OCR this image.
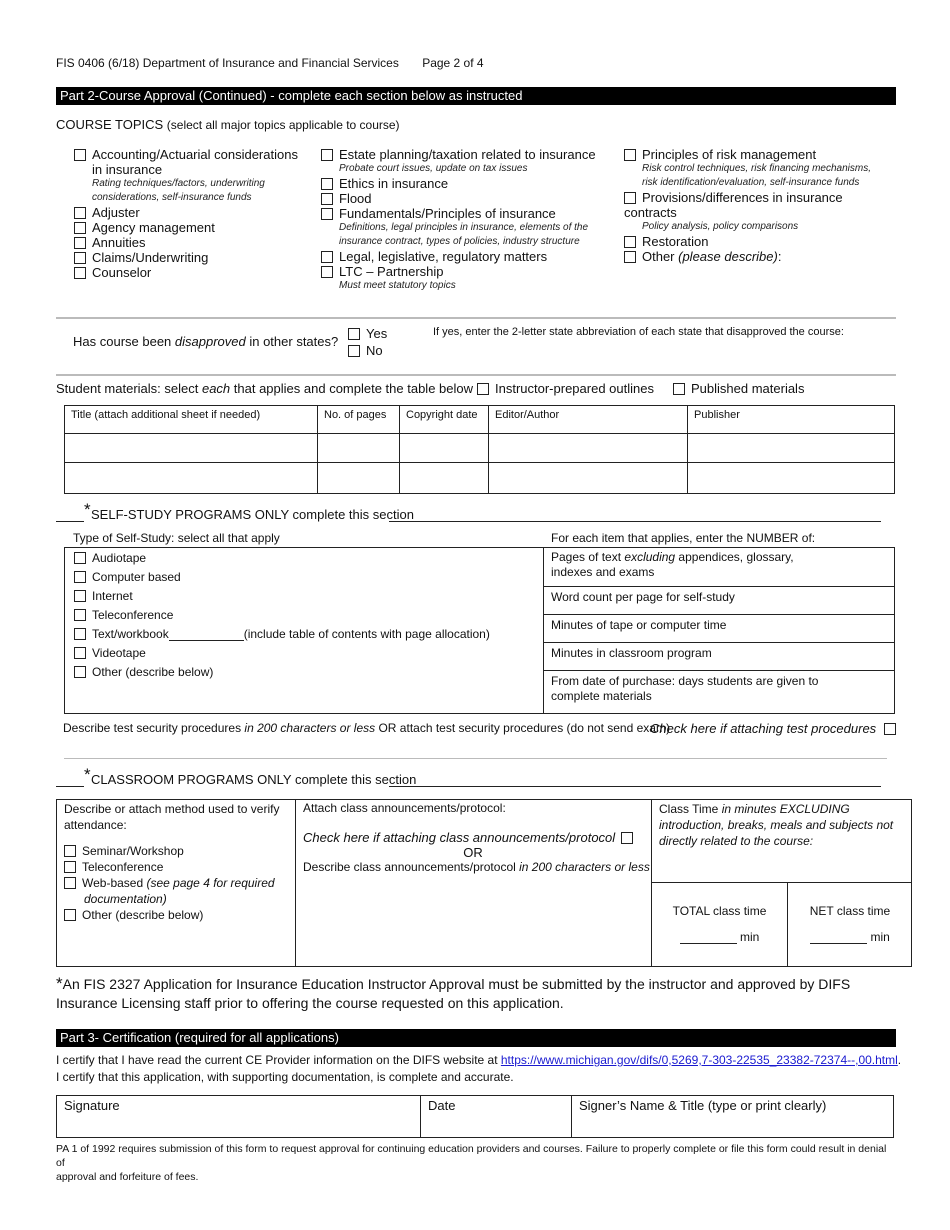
FIS 0406 (6/18) Department of Insurance and Financial Services Page 2 of 4
Part 2-Course Approval (Continued) - complete each section below as instructed
COURSE TOPICS (select all major topics applicable to course)
Accounting/Actuarial considerations
in insurance
Rating techniques/factors, underwriting
considerations, self-insurance funds
Adjuster
Agency management
Annuities
Claims/Underwriting
Counselor
Estate planning/taxation related to insurance
Probate court issues, update on tax issues
Ethics in insurance
Flood
Fundamentals/Principles of insurance
Definitions, legal principles in insurance, elements of the
insurance contract, types of policies, industry structure
Legal, legislative, regulatory matters
LTC – Partnership
Must meet statutory topics
Principles of risk management
Risk control techniques, risk financing mechanisms,
risk identification/evaluation, self-insurance funds
Provisions/differences in insurance
contracts
Policy analysis, policy comparisons
Restoration
Other (please describe):
Has course been disapproved in other states?
Yes
No
If yes, enter the 2-letter state abbreviation of each state that disapproved the course:
Student materials: select each that applies and complete the table below	Instructor-prepared outlines	Published materials
Title (attach additional sheet if needed)	No. of pages	Copyright date	Editor/Author	Publisher

* SELF-STUDY PROGRAMS ONLY complete this section
Type of Self-Study: select all that apply	For each item that applies, enter the NUMBER of:
Audiotape
Computer based
Internet
Teleconference
Text/workbook	(include table of contents with page allocation)
Videotape
Other (describe below)
Pages of text excluding appendices, glossary,
indexes and exams
Word count per page for self-study
Minutes of tape or computer time
Minutes in classroom program
From date of purchase: days students are given to
complete materials
Describe test security procedures in 200 characters or less OR attach test security procedures (do not send exam)
Check here if attaching test procedures
* CLASSROOM PROGRAMS ONLY complete this section
Describe or attach method used to verify
attendance:
Seminar/Workshop
Teleconference
Web-based (see page 4 for required
documentation)
Other (describe below)
Attach class announcements/protocol:
Check here if attaching class announcements/protocol
OR
Describe class announcements/protocol in 200 characters or less
Class Time in minutes EXCLUDING
introduction, breaks, meals and subjects not
directly related to the course:
TOTAL class time
min
NET class time
min
*An FIS 2327 Application for Insurance Education Instructor Approval must be submitted by the instructor and approved by DIFS
Insurance Licensing staff prior to offering the course requested on this application.
Part 3- Certification (required for all applications)
I certify that I have read the current CE Provider information on the DIFS website at https://www.michigan.gov/difs/0,5269,7-303-22535_23382-72374--,00.html.
I certify that this application, with supporting documentation, is complete and accurate.
Signature	Date	Signer’s Name & Title (type or print clearly)
PA 1 of 1992 requires submission of this form to request approval for continuing education providers and courses. Failure to properly complete or file this form could result in denial of
approval and forfeiture of fees.
